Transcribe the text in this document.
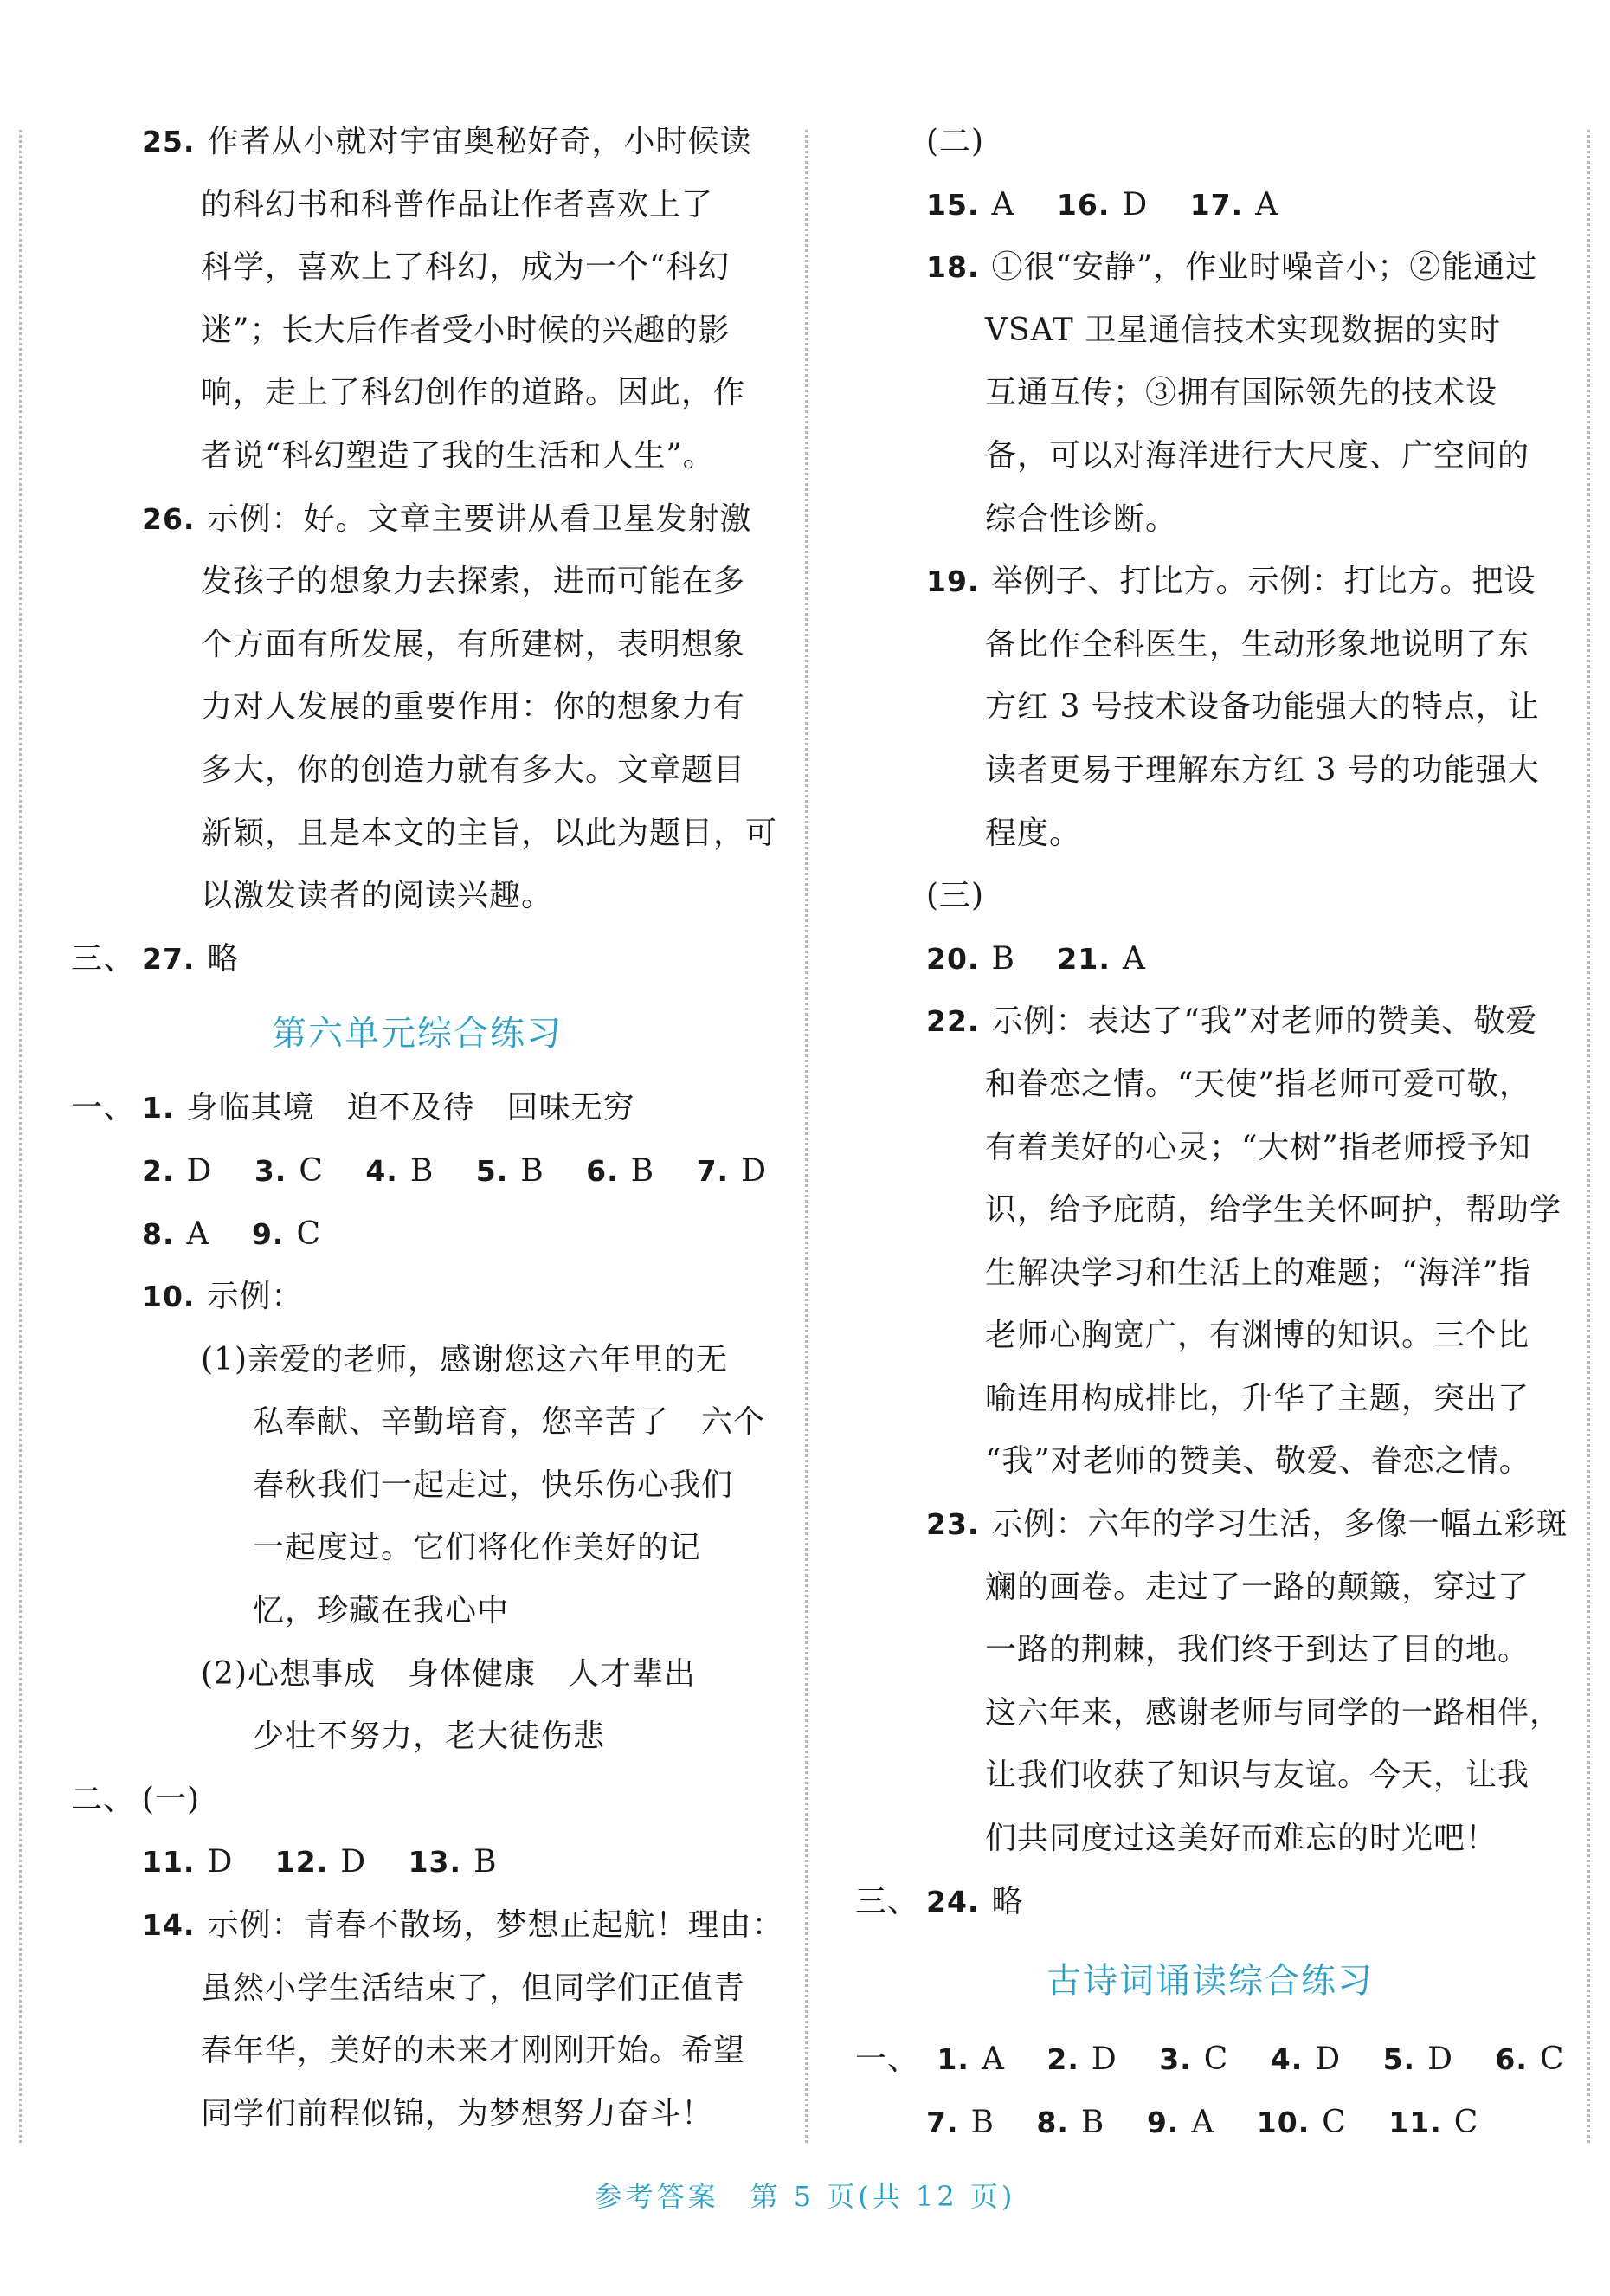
25. 作者从小就对宇宙奥秘好奇，小时候读
的科幻书和科普作品让作者喜欢上了
科学，喜欢上了科幻，成为一个“科幻
迷”；长大后作者受小时候的兴趣的影
响，走上了科幻创作的道路。因此，作
者说“科幻塑造了我的生活和人生”。
26. 示例：好。文章主要讲从看卫星发射激
发孩子的想象力去探索，进而可能在多
个方面有所发展，有所建树，表明想象
力对人发展的重要作用：你的想象力有
多大，你的创造力就有多大。文章题目
新颖，且是本文的主旨，以此为题目，可
以激发读者的阅读兴趣。
三、 27. 略
第六单元综合练习
一、 1. 身临其境　迫不及待　回味无穷
2. D 3. C 4. B 5. B 6. B 7. D
8. A 9. C
10. 示例：
(1)亲爱的老师，感谢您这六年里的无
私奉献、辛勤培育，您辛苦了　六个
春秋我们一起走过，快乐伤心我们
一起度过。它们将化作美好的记
忆，珍藏在我心中
(2)心想事成　身体健康　人才辈出
少壮不努力，老大徒伤悲
二、 (一)
11. D 12. D 13. B
14. 示例：青春不散场，梦想正起航！理由：
虽然小学生活结束了，但同学们正值青
春年华，美好的未来才刚刚开始。希望
同学们前程似锦，为梦想努力奋斗！
(二)
15. A 16. D 17. A
18. ①很“安静”，作业时噪音小；②能通过
VSAT 卫星通信技术实现数据的实时
互通互传；③拥有国际领先的技术设
备，可以对海洋进行大尺度、广空间的
综合性诊断。
19. 举例子、打比方。示例：打比方。把设
备比作全科医生，生动形象地说明了东
方红 3 号技术设备功能强大的特点，让
读者更易于理解东方红 3 号的功能强大
程度。
(三)
20. B 21. A
22. 示例：表达了“我”对老师的赞美、敬爱
和眷恋之情。“天使”指老师可爱可敬，
有着美好的心灵；“大树”指老师授予知
识，给予庇荫，给学生关怀呵护，帮助学
生解决学习和生活上的难题；“海洋”指
老师心胸宽广，有渊博的知识。三个比
喻连用构成排比，升华了主题，突出了
“我”对老师的赞美、敬爱、眷恋之情。
23. 示例：六年的学习生活，多像一幅五彩斑
斓的画卷。走过了一路的颠簸，穿过了
一路的荆棘，我们终于到达了目的地。
这六年来，感谢老师与同学的一路相伴，
让我们收获了知识与友谊。今天，让我
们共同度过这美好而难忘的时光吧！
三、 24. 略
古诗词诵读综合练习
一、 1. A 2. D 3. C 4. D 5. D 6. C
7. B 8. B 9. A 10. C 11. C
参考答案　第 5 页(共 12 页)
